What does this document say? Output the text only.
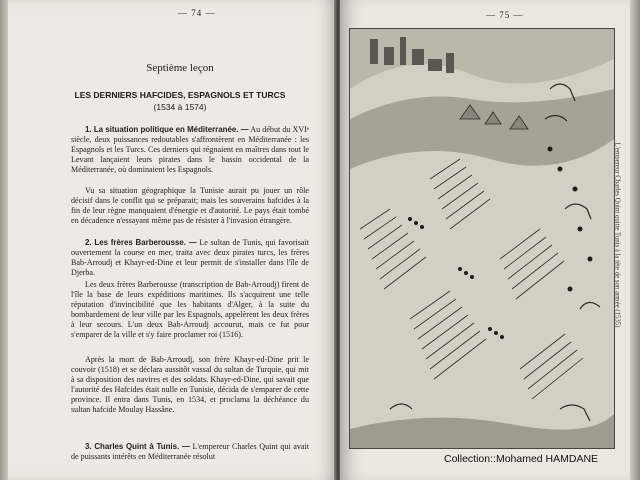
— 74 —	— 75 —
Septième leçon
LES DERNIERS HAFCIDES, ESPAGNOLS ET TURCS
(1534 à 1574)
1. La situation politique en Méditerranée. — Au début du XVIᵉ siècle, deux puissances redoutables s'affrontèrent en Méditerranée : les Espagnols et les Turcs. Ces derniers qui régnaient en maîtres dans tout le Levant lançaient leurs pirates dans le bassin occidental de la Méditerranée, où dominaient les Espagnols.
Vu sa situation géographique la Tunisie aurait pu jouer un rôle décisif dans le conflit qui se préparait; mais les souverains hafcides à la fin de leur règne manquaient d'énergie et d'autorité. Le pays était tombé en décadence n'essayant même pas de résister à l'invasion étrangère.
2. Les frères Barberousse. — Le sultan de Tunis, qui favorisait ouvertement la course en mer, traita avec deux pirates turcs, les frères Bab-Arroudj et Khayr-ed-Dine et leur permit de s'installer dans l'île de Djerba.
Les deux frères Barberousse (transcription de Bab-Arroudj) firent de l'île la base de leurs expéditions maritimes. Ils s'acquirent une telle réputation d'invincibilité que les habitants d'Alger, à la suite du bombardement de leur ville par les Espagnols, appelèrent les deux frères à leur secours. L'un deux Bab-Arroudj accourut, mais ce fut pour s'emparer de la ville et s'y faire proclamer roi (1516).
Après la mort de Bab-Arroudj, son frère Khayr-ed-Dine prit le couvoir (1518) et se déclara aussitôt vassal du sultan de Turquie, qui mit à sa disposition des navires et des soldats. Khayr-ed-Dine, qui savait que l'autorité des Hafcides était nulle en Tunisie, décida de s'emparer de cette province. Il entra dans Tunis, en 1534, et proclama la déchéance du sultan hafcide Moulay Hassâne.
3. Charles Quint à Tunis. — L'empereur Charles Quint qui avait de puissants intérêts en Méditerranée résolut
L'empereur Charles Quint quitte Tunis à la tête de son armée (1535)
Collection::Mohamed HAMDANE
